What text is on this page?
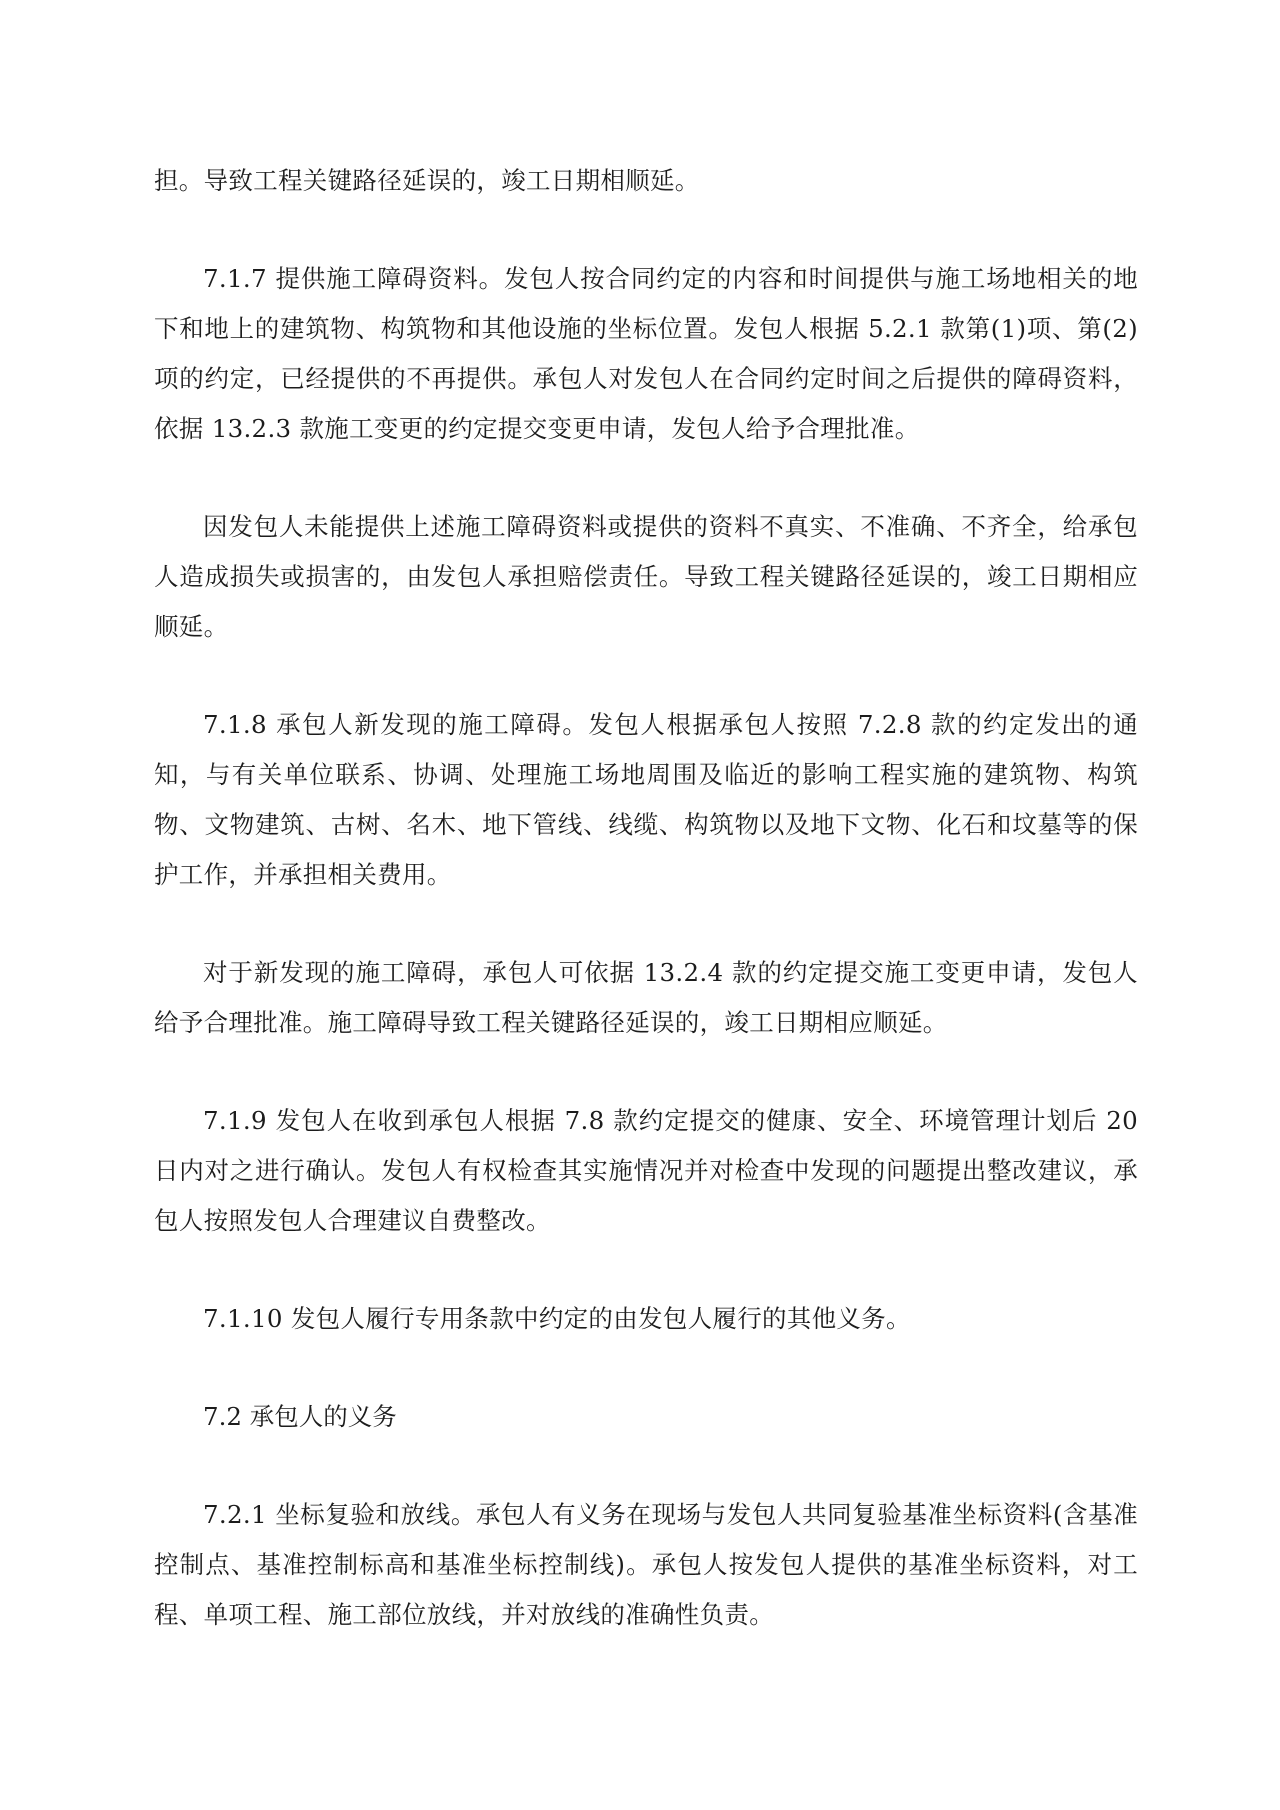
担。导致工程关键路径延误的，竣工日期相顺延。

7.1.7 提供施工障碍资料。发包人按合同约定的内容和时间提供与施工场地相关的地下和地上的建筑物、构筑物和其他设施的坐标位置。发包人根据 5.2.1 款第(1)项、第(2)项的约定，已经提供的不再提供。承包人对发包人在合同约定时间之后提供的障碍资料，依据 13.2.3 款施工变更的约定提交变更申请，发包人给予合理批准。

因发包人未能提供上述施工障碍资料或提供的资料不真实、不准确、不齐全，给承包人造成损失或损害的，由发包人承担赔偿责任。导致工程关键路径延误的，竣工日期相应顺延。

7.1.8 承包人新发现的施工障碍。发包人根据承包人按照 7.2.8 款的约定发出的通知，与有关单位联系、协调、处理施工场地周围及临近的影响工程实施的建筑物、构筑物、文物建筑、古树、名木、地下管线、线缆、构筑物以及地下文物、化石和坟墓等的保护工作，并承担相关费用。

对于新发现的施工障碍，承包人可依据 13.2.4 款的约定提交施工变更申请，发包人给予合理批准。施工障碍导致工程关键路径延误的，竣工日期相应顺延。

7.1.9 发包人在收到承包人根据 7.8 款约定提交的健康、安全、环境管理计划后 20 日内对之进行确认。发包人有权检查其实施情况并对检查中发现的问题提出整改建议，承包人按照发包人合理建议自费整改。

7.1.10 发包人履行专用条款中约定的由发包人履行的其他义务。

7.2 承包人的义务

7.2.1 坐标复验和放线。承包人有义务在现场与发包人共同复验基准坐标资料(含基准控制点、基准控制标高和基准坐标控制线)。承包人按发包人提供的基准坐标资料，对工程、单项工程、施工部位放线，并对放线的准确性负责。
